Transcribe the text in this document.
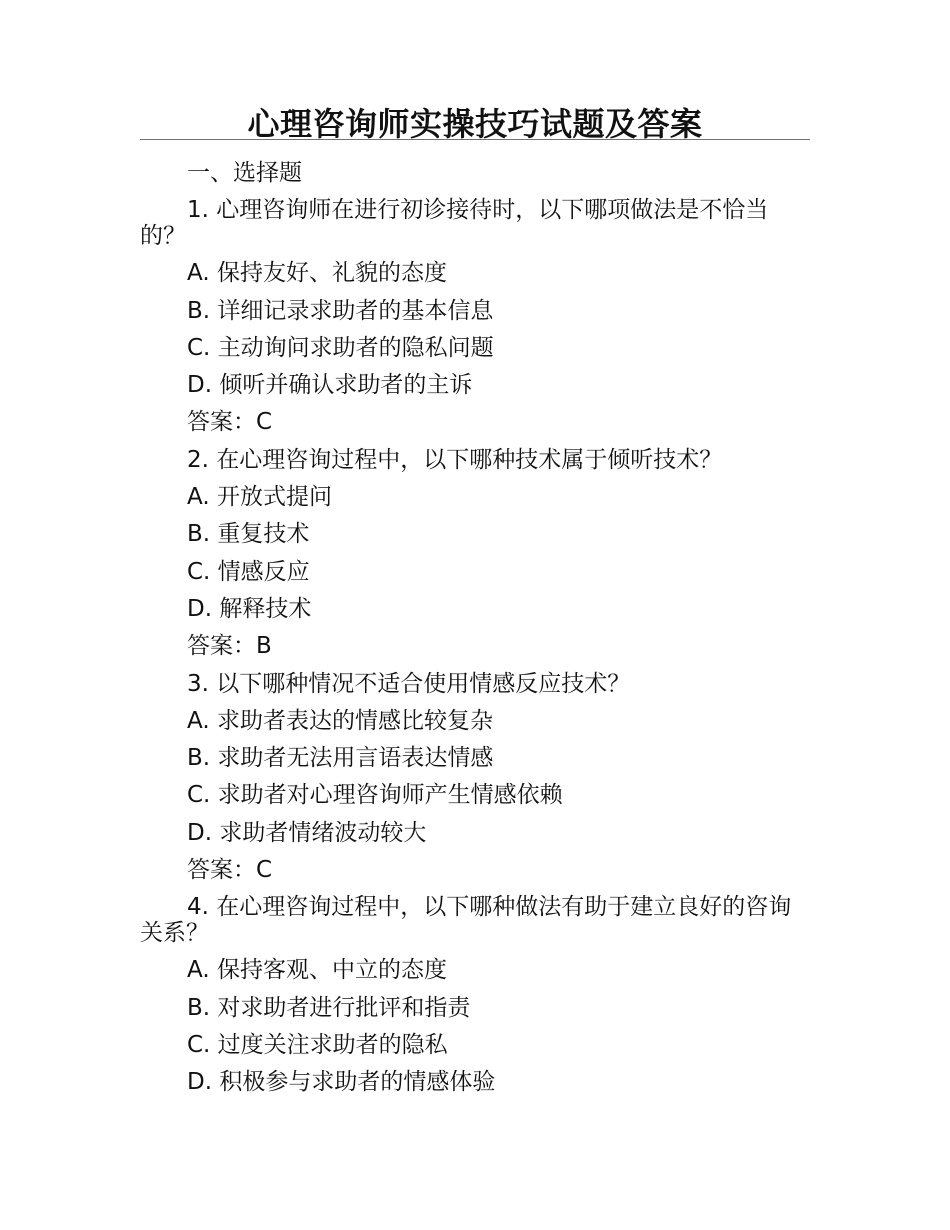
心理咨询师实操技巧试题及答案

一、选择题

1. 心理咨询师在进行初诊接待时，以下哪项做法是不恰当的？

A. 保持友好、礼貌的态度

B. 详细记录求助者的基本信息

C. 主动询问求助者的隐私问题

D. 倾听并确认求助者的主诉

答案：C

2. 在心理咨询过程中，以下哪种技术属于倾听技术？

A. 开放式提问

B. 重复技术

C. 情感反应

D. 解释技术

答案：B

3. 以下哪种情况不适合使用情感反应技术？

A. 求助者表达的情感比较复杂

B. 求助者无法用言语表达情感

C. 求助者对心理咨询师产生情感依赖

D. 求助者情绪波动较大

答案：C

4. 在心理咨询过程中，以下哪种做法有助于建立良好的咨询关系？

A. 保持客观、中立的态度

B. 对求助者进行批评和指责

C. 过度关注求助者的隐私

D. 积极参与求助者的情感体验
